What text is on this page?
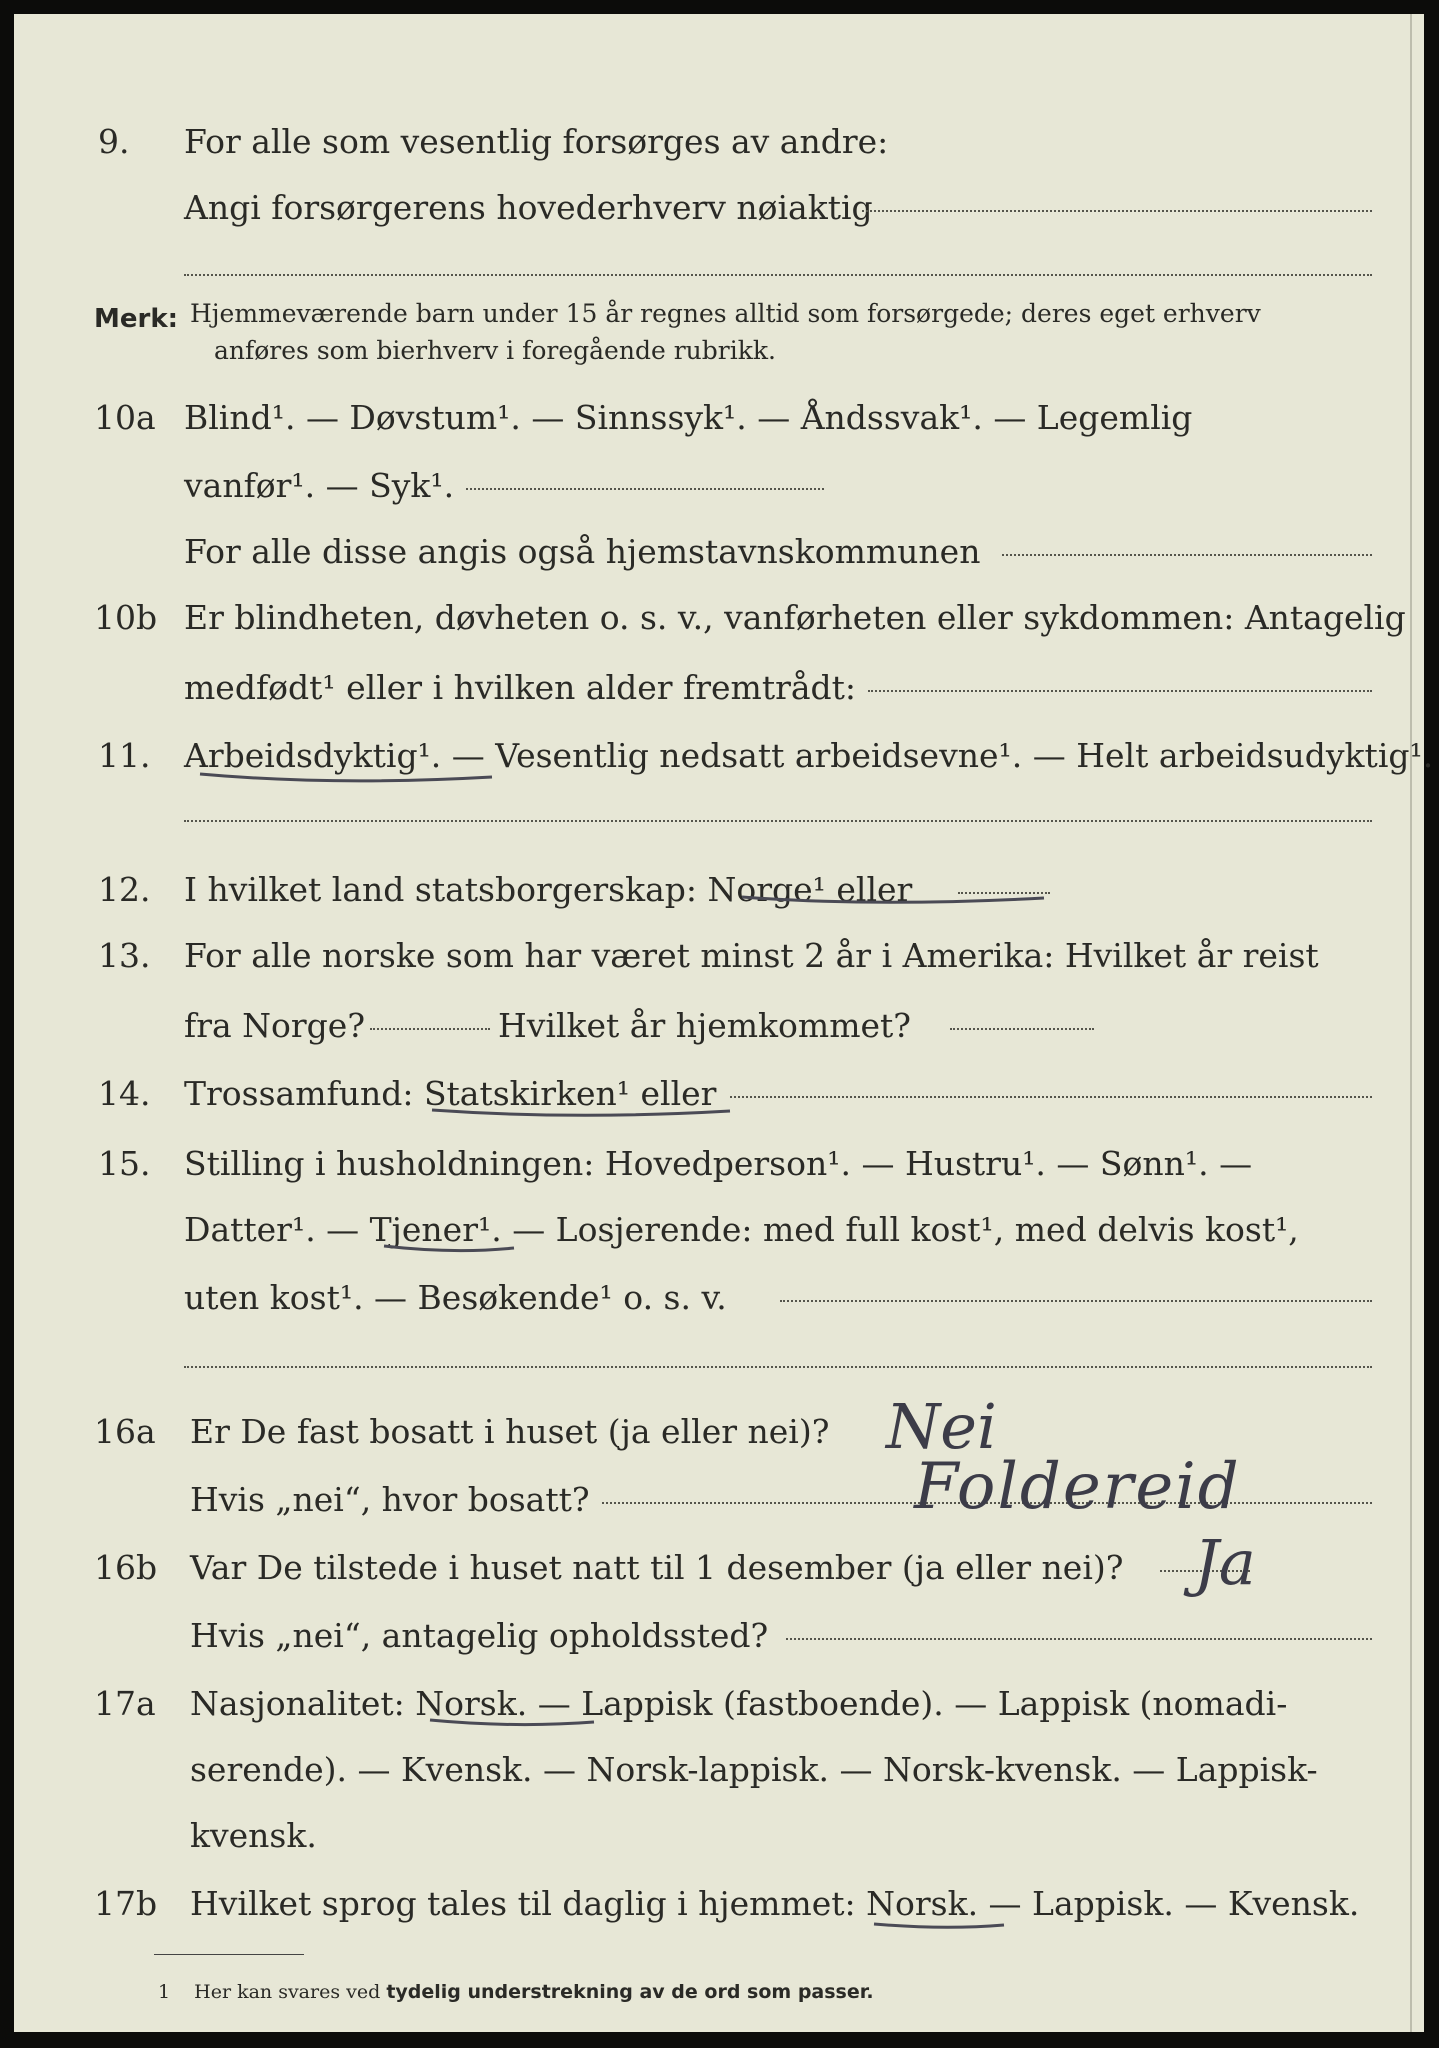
9. For alle som vesentlig forsørges av andre:
Angi forsørgerens hovederhverv nøiaktig
Merk: Hjemmeværende barn under 15 år regnes alltid som forsørgede; deres eget erhverv
anføres som bierhverv i foregående rubrikk.
10a Blind¹. — Døvstum¹. — Sinnssyk¹. — Åndssvak¹. — Legemlig
vanfør¹. — Syk¹.
For alle disse angis også hjemstavnskommunen
10b Er blindheten, døvheten o. s. v., vanførheten eller sykdommen: Antagelig
medfødt¹ eller i hvilken alder fremtrådt:
11. Arbeidsdyktig¹. — Vesentlig nedsatt arbeidsevne¹. — Helt arbeidsudyktig¹.
12. I hvilket land statsborgerskap: Norge¹ eller
13. For alle norske som har været minst 2 år i Amerika: Hvilket år reist
fra Norge?	Hvilket år hjemkommet?
14. Trossamfund: Statskirken¹ eller
15. Stilling i husholdningen: Hovedperson¹. — Hustru¹. — Sønn¹. —
Datter¹. — Tjener¹. — Losjerende: med full kost¹, med delvis kost¹,
uten kost¹. — Besøkende¹ o. s. v.
16a Er De fast bosatt i huset (ja eller nei)?
Hvis „nei“, hvor bosatt?
16b Var De tilstede i huset natt til 1 desember (ja eller nei)?
Hvis „nei“, antagelig opholdssted?
17a Nasjonalitet: Norsk. — Lappisk (fastboende). — Lappisk (nomadi-
serende). — Kvensk. — Norsk-lappisk. — Norsk-kvensk. — Lappisk-
kvensk.
17b Hvilket sprog tales til daglig i hjemmet: Norsk. — Lappisk. — Kvensk.
1 Her kan svares ved tydelig understrekning av de ord som passer.
Nei
Foldereid
Ja
